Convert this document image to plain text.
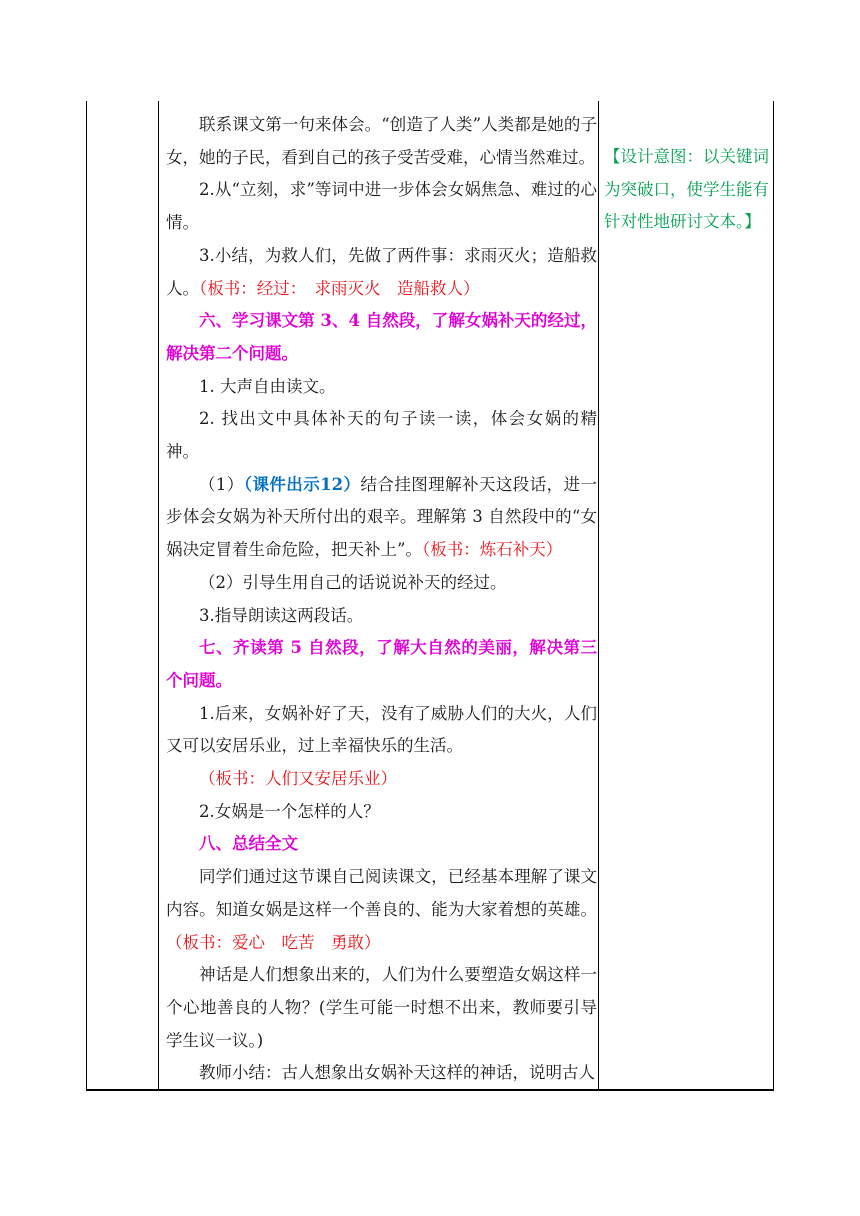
联系课文第一句来体会。“创造了人类”人类都是她的子女，她的子民，看到自己的孩子受苦受难，心情当然难过。

2.从“立刻，求”等词中进一步体会女娲焦急、难过的心情。

3.小结，为救人们，先做了两件事：求雨灭火；造船救人。（板书：经过：　求雨灭火　造船救人）

六、学习课文第 3、4 自然段，了解女娲补天的经过，解决第二个问题。

1. 大声自由读文。

2. 找出文中具体补天的句子读一读，体会女娲的精神。

（1）（课件出示12）结合挂图理解补天这段话，进一步体会女娲为补天所付出的艰辛。理解第 3 自然段中的“女娲决定冒着生命危险，把天补上”。（板书：炼石补天）

（2）引导生用自己的话说说补天的经过。

3.指导朗读这两段话。

七、齐读第 5 自然段，了解大自然的美丽，解决第三个问题。

1.后来，女娲补好了天，没有了威胁人们的大火，人们又可以安居乐业，过上幸福快乐的生活。

（板书：人们又安居乐业）

2.女娲是一个怎样的人？

八、总结全文

同学们通过这节课自己阅读课文，已经基本理解了课文内容。知道女娲是这样一个善良的、能为大家着想的英雄。（板书：爱心　吃苦　勇敢）

神话是人们想象出来的，人们为什么要塑造女娲这样一个心地善良的人物？(学生可能一时想不出来，教师要引导学生议一议。)

教师小结：古人想象出女娲补天这样的神话，说明古人

【设计意图：以关键词为突破口，使学生能有针对性地研讨文本。】
